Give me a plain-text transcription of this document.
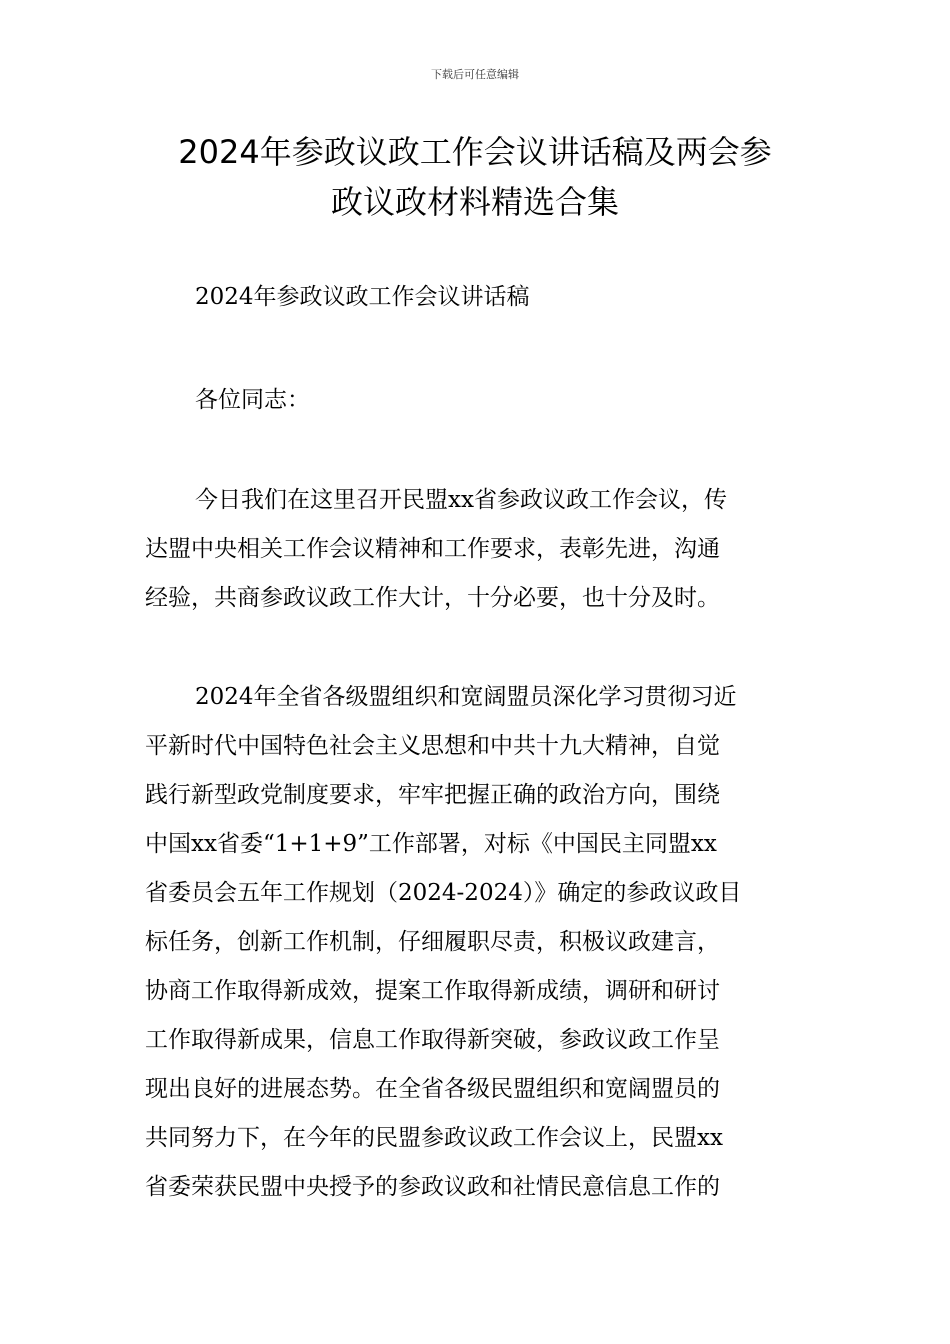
下载后可任意编辑
2024年参政议政工作会议讲话稿及两会参
政议政材料精选合集

2024年参政议政工作会议讲话稿

各位同志：

今日我们在这里召开民盟xx省参政议政工作会议，传
达盟中央相关工作会议精神和工作要求，表彰先进，沟通
经验，共商参政议政工作大计，十分必要，也十分及时。

2024年全省各级盟组织和宽阔盟员深化学习贯彻习近
平新时代中国特色社会主义思想和中共十九大精神，自觉
践行新型政党制度要求，牢牢把握正确的政治方向，围绕
中国xx省委“1+1+9”工作部署，对标《中国民主同盟xx
省委员会五年工作规划（2024-2024）》确定的参政议政目
标任务，创新工作机制，仔细履职尽责，积极议政建言，
协商工作取得新成效，提案工作取得新成绩，调研和研讨
工作取得新成果，信息工作取得新突破，参政议政工作呈
现出良好的进展态势。在全省各级民盟组织和宽阔盟员的
共同努力下，在今年的民盟参政议政工作会议上，民盟xx
省委荣获民盟中央授予的参政议政和社情民意信息工作的
